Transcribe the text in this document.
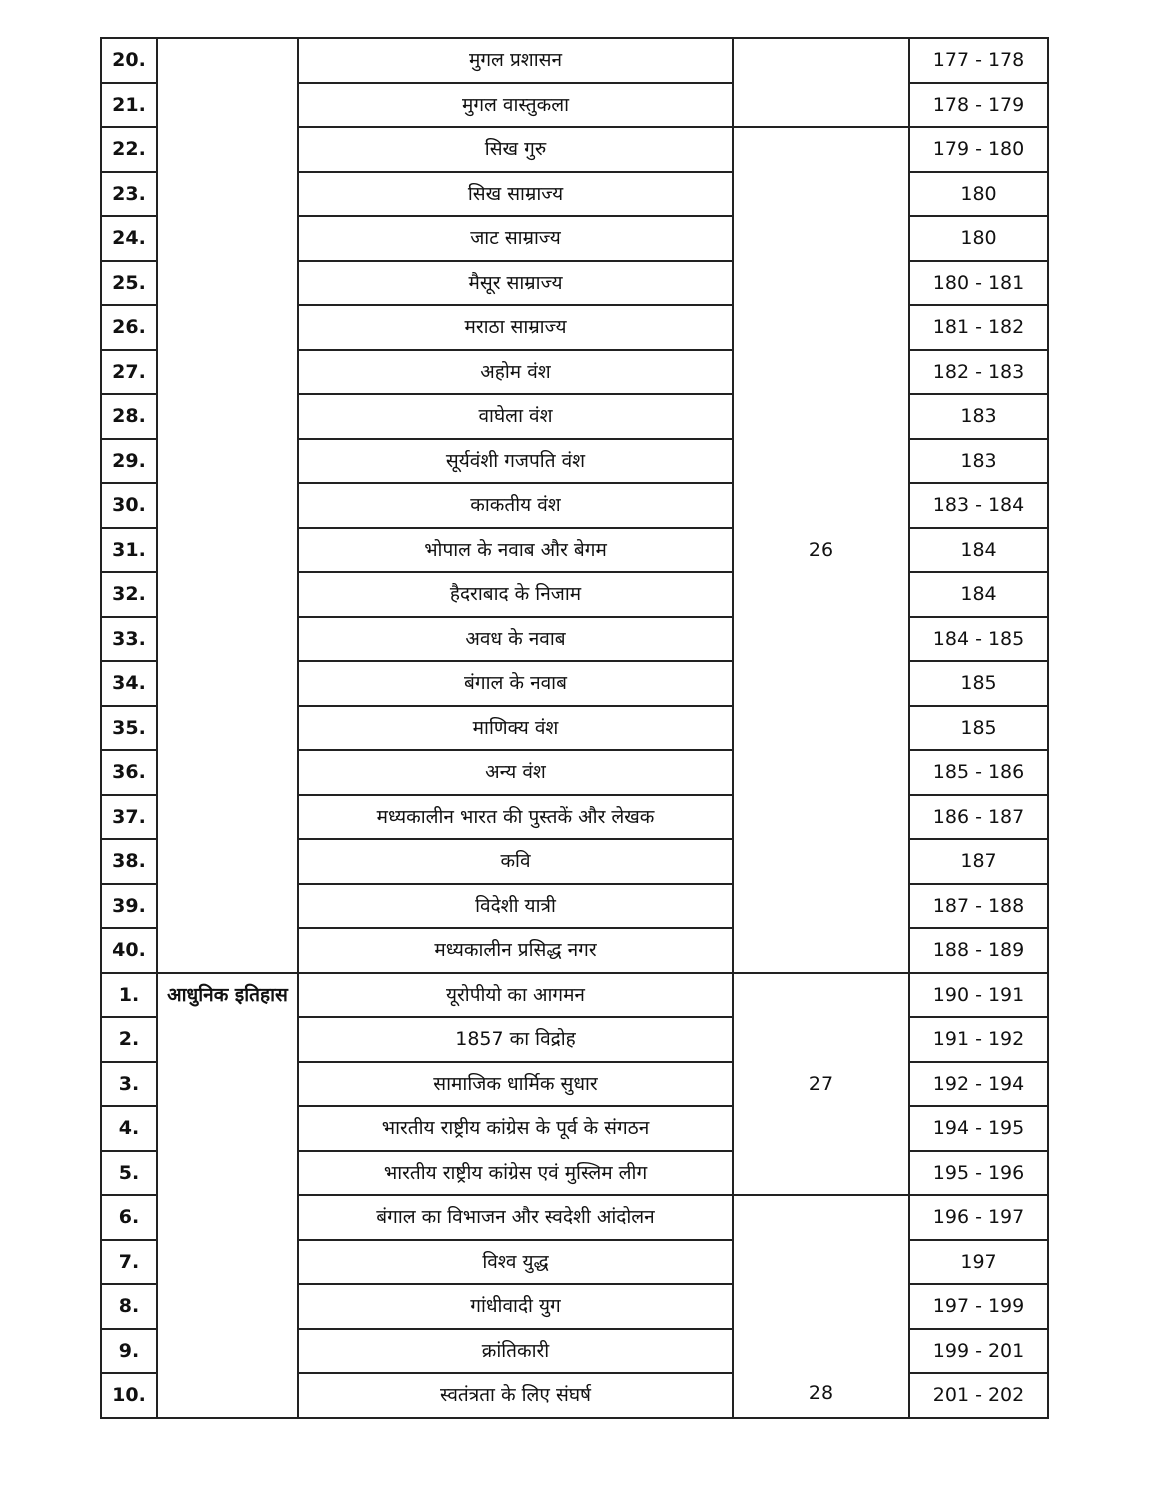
20.		मुगल प्रशासन		177 - 178
21.		मुगल वास्तुकला		178 - 179
22.		सिख गुरु	26	179 - 180
23.		सिख साम्राज्य		180
24.		जाट साम्राज्य		180
25.		मैसूर साम्राज्य		180 - 181
26.		मराठा साम्राज्य		181 - 182
27.		अहोम वंश		182 - 183
28.		वाघेला वंश		183
29.		सूर्यवंशी गजपति वंश		183
30.		काकतीय वंश		183 - 184
31.		भोपाल के नवाब और बेगम		184
32.		हैदराबाद के निजाम		184
33.		अवध के नवाब		184 - 185
34.		बंगाल के नवाब		185
35.		माणिक्य वंश		185
36.		अन्य वंश		185 - 186
37.		मध्यकालीन भारत की पुस्तकें और लेखक		186 - 187
38.		कवि		187
39.		विदेशी यात्री		187 - 188
40.		मध्यकालीन प्रसिद्ध नगर		188 - 189
1.	आधुनिक इतिहास	यूरोपीयो का आगमन	27	190 - 191
2.		1857 का विद्रोह		191 - 192
3.		सामाजिक धार्मिक सुधार		192 - 194
4.		भारतीय राष्ट्रीय कांग्रेस के पूर्व के संगठन		194 - 195
5.		भारतीय राष्ट्रीय कांग्रेस एवं मुस्लिम लीग		195 - 196
6.		बंगाल का विभाजन और स्वदेशी आंदोलन	28	196 - 197
7.		विश्व युद्ध		197
8.		गांधीवादी युग		197 - 199
9.		क्रांतिकारी		199 - 201
10.		स्वतंत्रता के लिए संघर्ष		201 - 202
